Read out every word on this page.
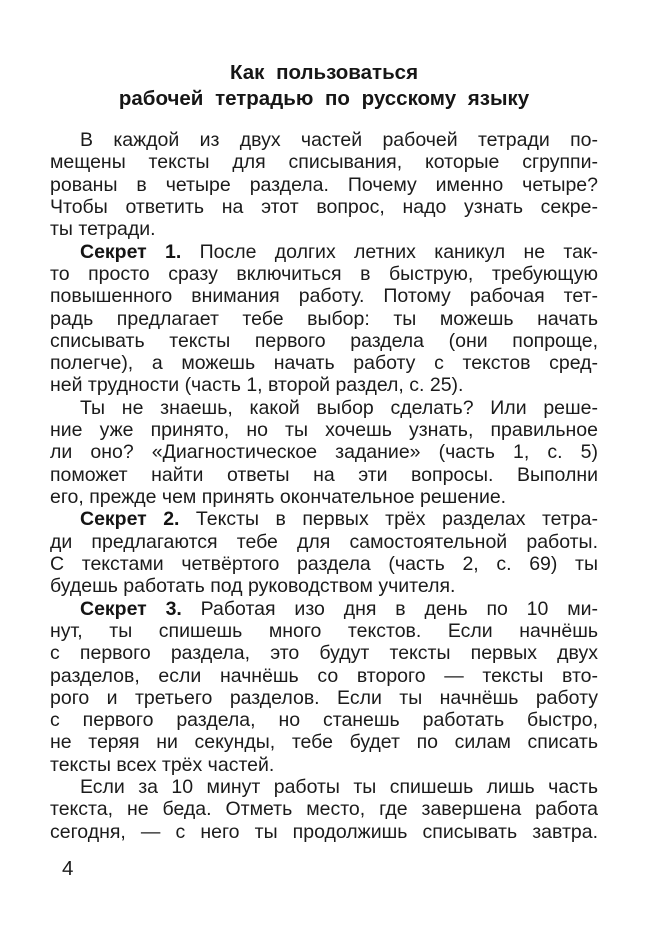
Как пользоваться
рабочей тетрадью по русскому языку
В каждой из двух частей рабочей тетради по-
мещены тексты для списывания, которые сгруппи-
рованы в четыре раздела. Почему именно четыре?
Чтобы ответить на этот вопрос, надо узнать секре-
ты тетради.
Секрет 1. После долгих летних каникул не так-
то просто сразу включиться в быструю, требующую
повышенного внимания работу. Потому рабочая тет-
радь предлагает тебе выбор: ты можешь начать
списывать тексты первого раздела (они попроще,
полегче), а можешь начать работу с текстов сред-
ней трудности (часть 1, второй раздел, с. 25).
Ты не знаешь, какой выбор сделать? Или реше-
ние уже принято, но ты хочешь узнать, правильное
ли оно? «Диагностическое задание» (часть 1, с. 5)
поможет найти ответы на эти вопросы. Выполни
его, прежде чем принять окончательное решение.
Секрет 2. Тексты в первых трёх разделах тетра-
ди предлагаются тебе для самостоятельной работы.
С текстами четвёртого раздела (часть 2, с. 69) ты
будешь работать под руководством учителя.
Секрет 3. Работая изо дня в день по 10 ми-
нут, ты спишешь много текстов. Если начнёшь
с первого раздела, это будут тексты первых двух
разделов, если начнёшь со второго — тексты вто-
рого и третьего разделов. Если ты начнёшь работу
с первого раздела, но станешь работать быстро,
не теряя ни секунды, тебе будет по силам списать
тексты всех трёх частей.
Если за 10 минут работы ты спишешь лишь часть
текста, не беда. Отметь место, где завершена работа
сегодня, — с него ты продолжишь списывать завтра.
4
